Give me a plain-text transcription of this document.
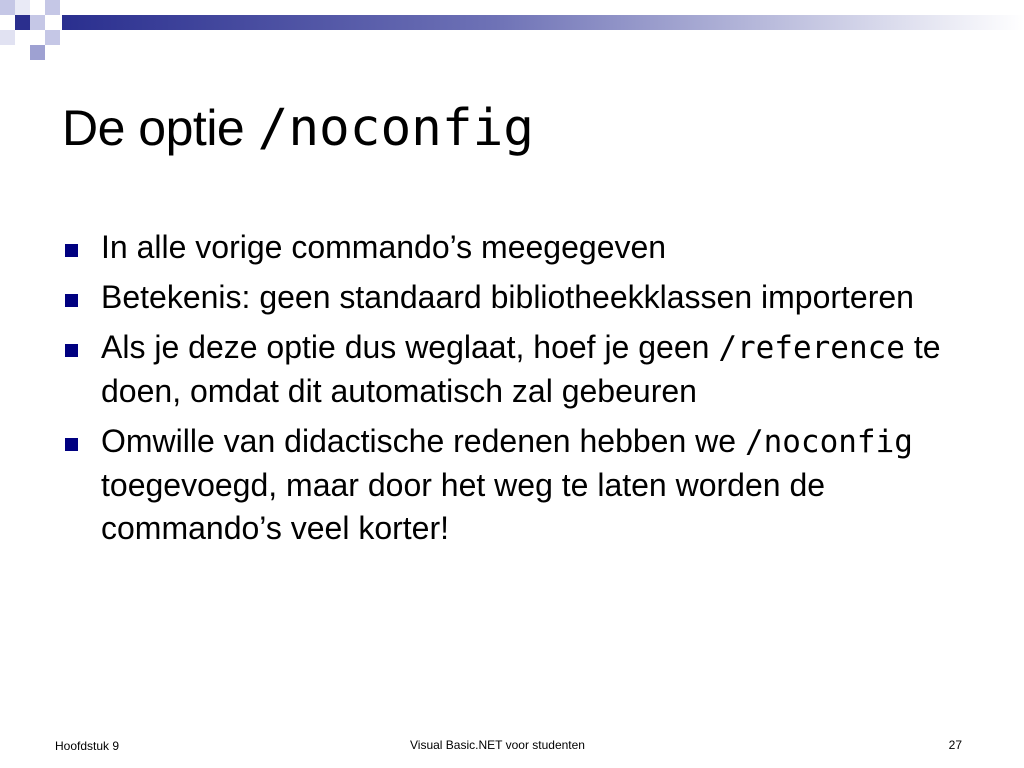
De optie /noconfig
In alle vorige commando’s meegegeven
Betekenis: geen standaard bibliotheekklassen importeren
Als je deze optie dus weglaat, hoef je geen /reference te doen, omdat dit automatisch zal gebeuren
Omwille van didactische redenen hebben we /noconfig toegevoegd, maar door het weg te laten worden de commando’s veel korter!
Hoofdstuk 9	Visual Basic.NET voor studenten	27
